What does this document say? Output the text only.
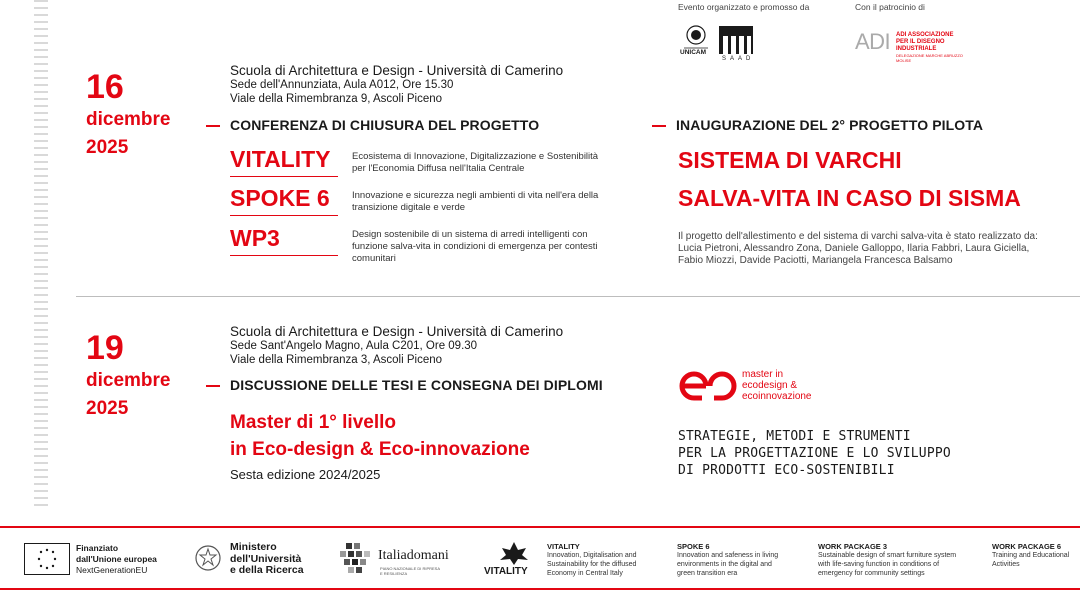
Evento organizzato e promosso da	Con il patrocinio di
UNICAM
SAAD
ADI ADI ASSOCIAZIONE PER IL DISEGNO INDUSTRIALE
DELEGAZIONE MARCHE ABRUZZO MOLISE
16
dicembre
2025
Scuola di Architettura e Design - Università di Camerino
Sede dell'Annunziata, Aula A012, Ore 15.30
Viale della Rimembranza 9, Ascoli Piceno
CONFERENZA DI CHIUSURA DEL PROGETTO
VITALITY	Ecosistema di Innovazione, Digitalizzazione e Sostenibilità per l'Economia Diffusa nell'Italia Centrale
SPOKE 6	Innovazione e sicurezza negli ambienti di vita nell'era della transizione digitale e verde
WP3	Design sostenibile di un sistema di arredi intelligenti con funzione salva-vita in condizioni di emergenza per contesti comunitari
INAUGURAZIONE DEL 2° PROGETTO PILOTA
SISTEMA DI VARCHI
SALVA-VITA IN CASO DI SISMA
Il progetto dell'allestimento e del sistema di varchi salva-vita è stato realizzato da:
Lucia Pietroni, Alessandro Zona, Daniele Galloppo, Ilaria Fabbri, Laura Giciella,
Fabio Miozzi, Davide Paciotti, Mariangela Francesca Balsamo
19
dicembre
2025
Scuola di Architettura e Design - Università di Camerino
Sede Sant'Angelo Magno, Aula C201, Ore 09.30
Viale della Rimembranza 3, Ascoli Piceno
DISCUSSIONE DELLE TESI E CONSEGNA DEI DIPLOMI
Master di 1° livello
in Eco-design & Eco-innovazione
Sesta edizione 2024/2025
master in
ecodesign &
ecoinnovazione
STRATEGIE, METODI E STRUMENTI
PER LA PROGETTAZIONE E LO SVILUPPO
DI PRODOTTI ECO-SOSTENIBILI
Finanziato
dall'Unione europea
NextGenerationEU
Ministero
dell'Università
e della Ricerca
Italiadomani
PIANO NAZIONALE DI RIPRESA E RESILIENZA	VITALITY
VITALITY
Innovation, Digitalisation and Sustainability for the diffused Economy in Central Italy
SPOKE 6
Innovation and safeness in living environments in the digital and green transition era
WORK PACKAGE 3
Sustainable design of smart furniture system with life-saving function in conditions of emergency for community settings
WORK PACKAGE 6
Training and Educational Activities
